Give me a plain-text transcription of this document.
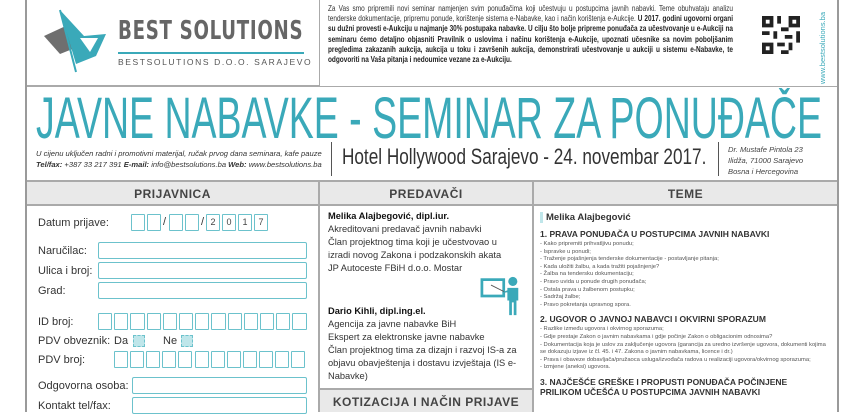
BEST SOLUTIONS
BESTSOLUTIONS D.O.O. SARAJEVO
Za Vas smo pripremili novi seminar namjenjen svim ponuđačima koji učestvuju u postupcima javnih nabavki. Teme obuhvataju analizu tenderske dokumentacije, pripremu ponude, korištenje sistema e-Nabavke, kao i način korištenja e-Aukcije. U 2017. godini ugovorni organi su dužni provesti e-Aukciju u najmanje 30% postupaka nabavke. U cilju što bolje pripreme ponuđača za učestvovanje u e-Aukciji na seminaru ćemo detaljno objasniti Pravilnik o uslovima i načinu korištenja e-Aukcije, upoznati učesnike sa novim poboljšanim pregledima zakazanih aukcija, aukcija u toku i završenih aukcija, demonstrirati učestvovanje u aukciji u sistemu e-Nabavke, te odgovoriti na Vaša pitanja i nedoumice vezane za e-Aukciju.	www.bestsolutions.ba
JAVNE NABAVKE - SEMINAR ZA PONUĐAČE
U cijenu uključen radni i promotivni materijal, ručak prvog dana seminara, kafe pauze
Tel/fax: +387 33 217 391 E-mail: info@bestsolutions.ba Web: www.bestsolutions.ba Hotel Hollywood Sarajevo - 24. novembar 2017.	Dr. Mustafe Pintola 23
Ilidža, 71000 Sarajevo
Bosna i Hercegovina
PRIJAVNICA	PREDAVAČI	TEME
Datum prijave:	/	/ 2	0	1	7
Naručilac:
Ulica i broj:
Grad:
ID broj:
PDV obveznik: Da	Ne
PDV broj:
Odgovorna osoba:
Kontakt tel/fax:
Melika Alajbegović, dipl.iur.
Akreditovani predavač javnih nabavki
Član projektnog tima koji je učestvovao u
izradi novog Zakona i podzakonskih akata
JP Autoceste FBiH d.o.o. Mostar
Dario Kihli, dipl.ing.el.
Agencija za javne nabavke BiH
Ekspert za elektronske javne nabavke
Član projektnog tima za dizajn i razvoj IS-a za objavu obavještenja i dostavu izvještaja (IS e-Nabavke)
KOTIZACIJA I NAČIN PRIJAVE
Melika Alajbegović
1. PRAVA PONUĐAČA U POSTUPCIMA JAVNIH NABAVKI
- Kako pripremiti prihvatljivu ponudu;
- Ispravke u ponudi;
- Traženje pojašnjenja tenderske dokumentacije - postavljanje pitanja;
- Kada uložiti žalbu, a kada tražiti pojašnjenje?
- Žalba na tendersku dokumentaciju;
- Pravo uvida u ponude drugih ponuđača;
- Ostala prava u žalbenom postupku;
- Sadržaj žalbe;
- Pravo pokretanja upravnog spora.
2. UGOVOR O JAVNOJ NABAVCI I OKVIRNI SPORAZUM
- Razlike između ugovora i okvirnog sporazuma;
- Gdje prestaje Zakon o javnim nabavkama i gdje počinje Zakon o obligacionim odnosima?
- Dokumentacija koja je uslov za zaključenje ugovora (garancija za uredno izvršenje ugovora, dokumenti kojima se dokazuju izjave iz čl. 45. i 47. Zakona o javnim nabavkama, licence i dr.)
- Prava i obaveze dobavljača/pružaoca usluga/izvođača radova u realizaciji ugovora/okvirnog sporazuma;
- Izmjene (aneksi) ugovora.
3. NAJČEŠĆE GREŠKE I PROPUSTI PONUĐAČA POČINJENE PRILIKOM UČEŠĆA U POSTUPCIMA JAVNIH NABAVKI
